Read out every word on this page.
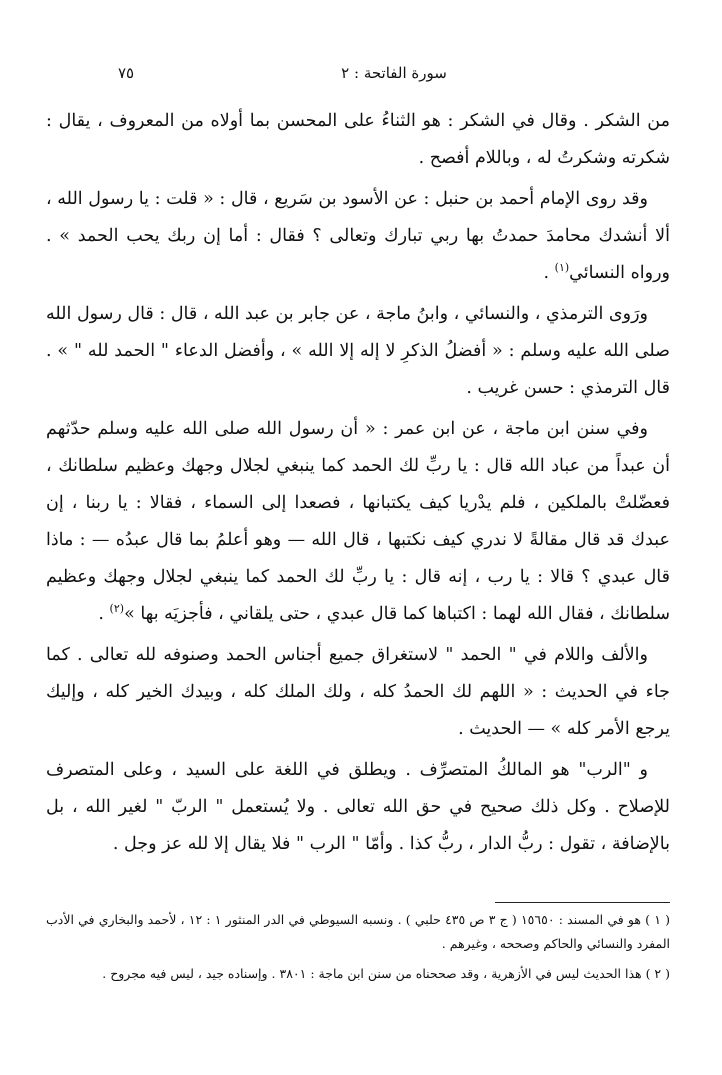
سورة الفاتحة : ٢
٧٥

من الشكر . وقال في الشكر : هو الثناءُ على المحسن بما أولاه من المعروف ، يقال : شكرته وشكرتُ له ، وباللام أفصح .

وقد روى الإمام أحمد بن حنبل : عن الأسود بن سَريع ، قال : « قلت : يا رسول الله ، ألا أنشدك محامدَ حمدتُ بها ربي تبارك وتعالى ؟ فقال : أما إن ربك يحب الحمد » . ورواه النسائي$^{(١)}$ .

ورَوى الترمذي ، والنسائي ، وابنُ ماجة ، عن جابر بن عبد الله ، قال : قال رسول الله صلى الله عليه وسلم : « أفضلُ الذكرِ لا إله إلا الله » ، وأفضل الدعاء " الحمد لله " » . قال الترمذي : حسن غريب .

وفي سنن ابن ماجة ، عن ابن عمر : « أن رسول الله صلى الله عليه وسلم حدّثهم أن عبداً من عباد الله قال : يا ربِّ لك الحمد كما ينبغي لجلال وجهك وعظيم سلطانك ، فعضّلتْ بالملكين ، فلم يدْريا كيف يكتبانها ، فصعدا إلى السماء ، فقالا : يا ربنا ، إن عبدك قد قال مقالةً لا ندري كيف نكتبها ، قال الله — وهو أعلمُ بما قال عبدُه — : ماذا قال عبدي ؟ قالا : يا رب ، إنه قال : يا ربِّ لك الحمد كما ينبغي لجلال وجهك وعظيم سلطانك ، فقال الله لهما : اكتباها كما قال عبدي ، حتى يلقاني ، فأجزيَه بها »$^{(٢)}$ .

والألف واللام في " الحمد " لاستغراق جميع أجناس الحمد وصنوفه لله تعالى . كما جاء في الحديث : « اللهم لك الحمدُ كله ، ولك الملك كله ، وبيدك الخير كله ، وإليك يرجع الأمر كله » — الحديث .

و "الرب" هو المالكُ المتصرِّف . ويطلق في اللغة على السيد ، وعلى المتصرف للإصلاح . وكل ذلك صحيح في حق الله تعالى . ولا يُستعمل " الربّ " لغير الله ، بل بالإضافة ، تقول : ربُّ الدار ، ربُّ كذا . وأمّا " الرب " فلا يقال إلا لله عز وجل .

( ١ ) هو في المسند : ١٥٦٥٠ ( ج ٣ ص ٤٣٥ حلبي ) . ونسبه السيوطي في الدر المنثور ١ : ١٢ ، لأحمد والبخاري في الأدب المفرد والنسائي والحاكم وصححه ، وغيرهم .

( ٢ ) هذا الحديث ليس في الأزهرية ، وقد صححناه من سنن ابن ماجة : ٣٨٠١ . وإسناده جيد ، ليس فيه مجروح .
